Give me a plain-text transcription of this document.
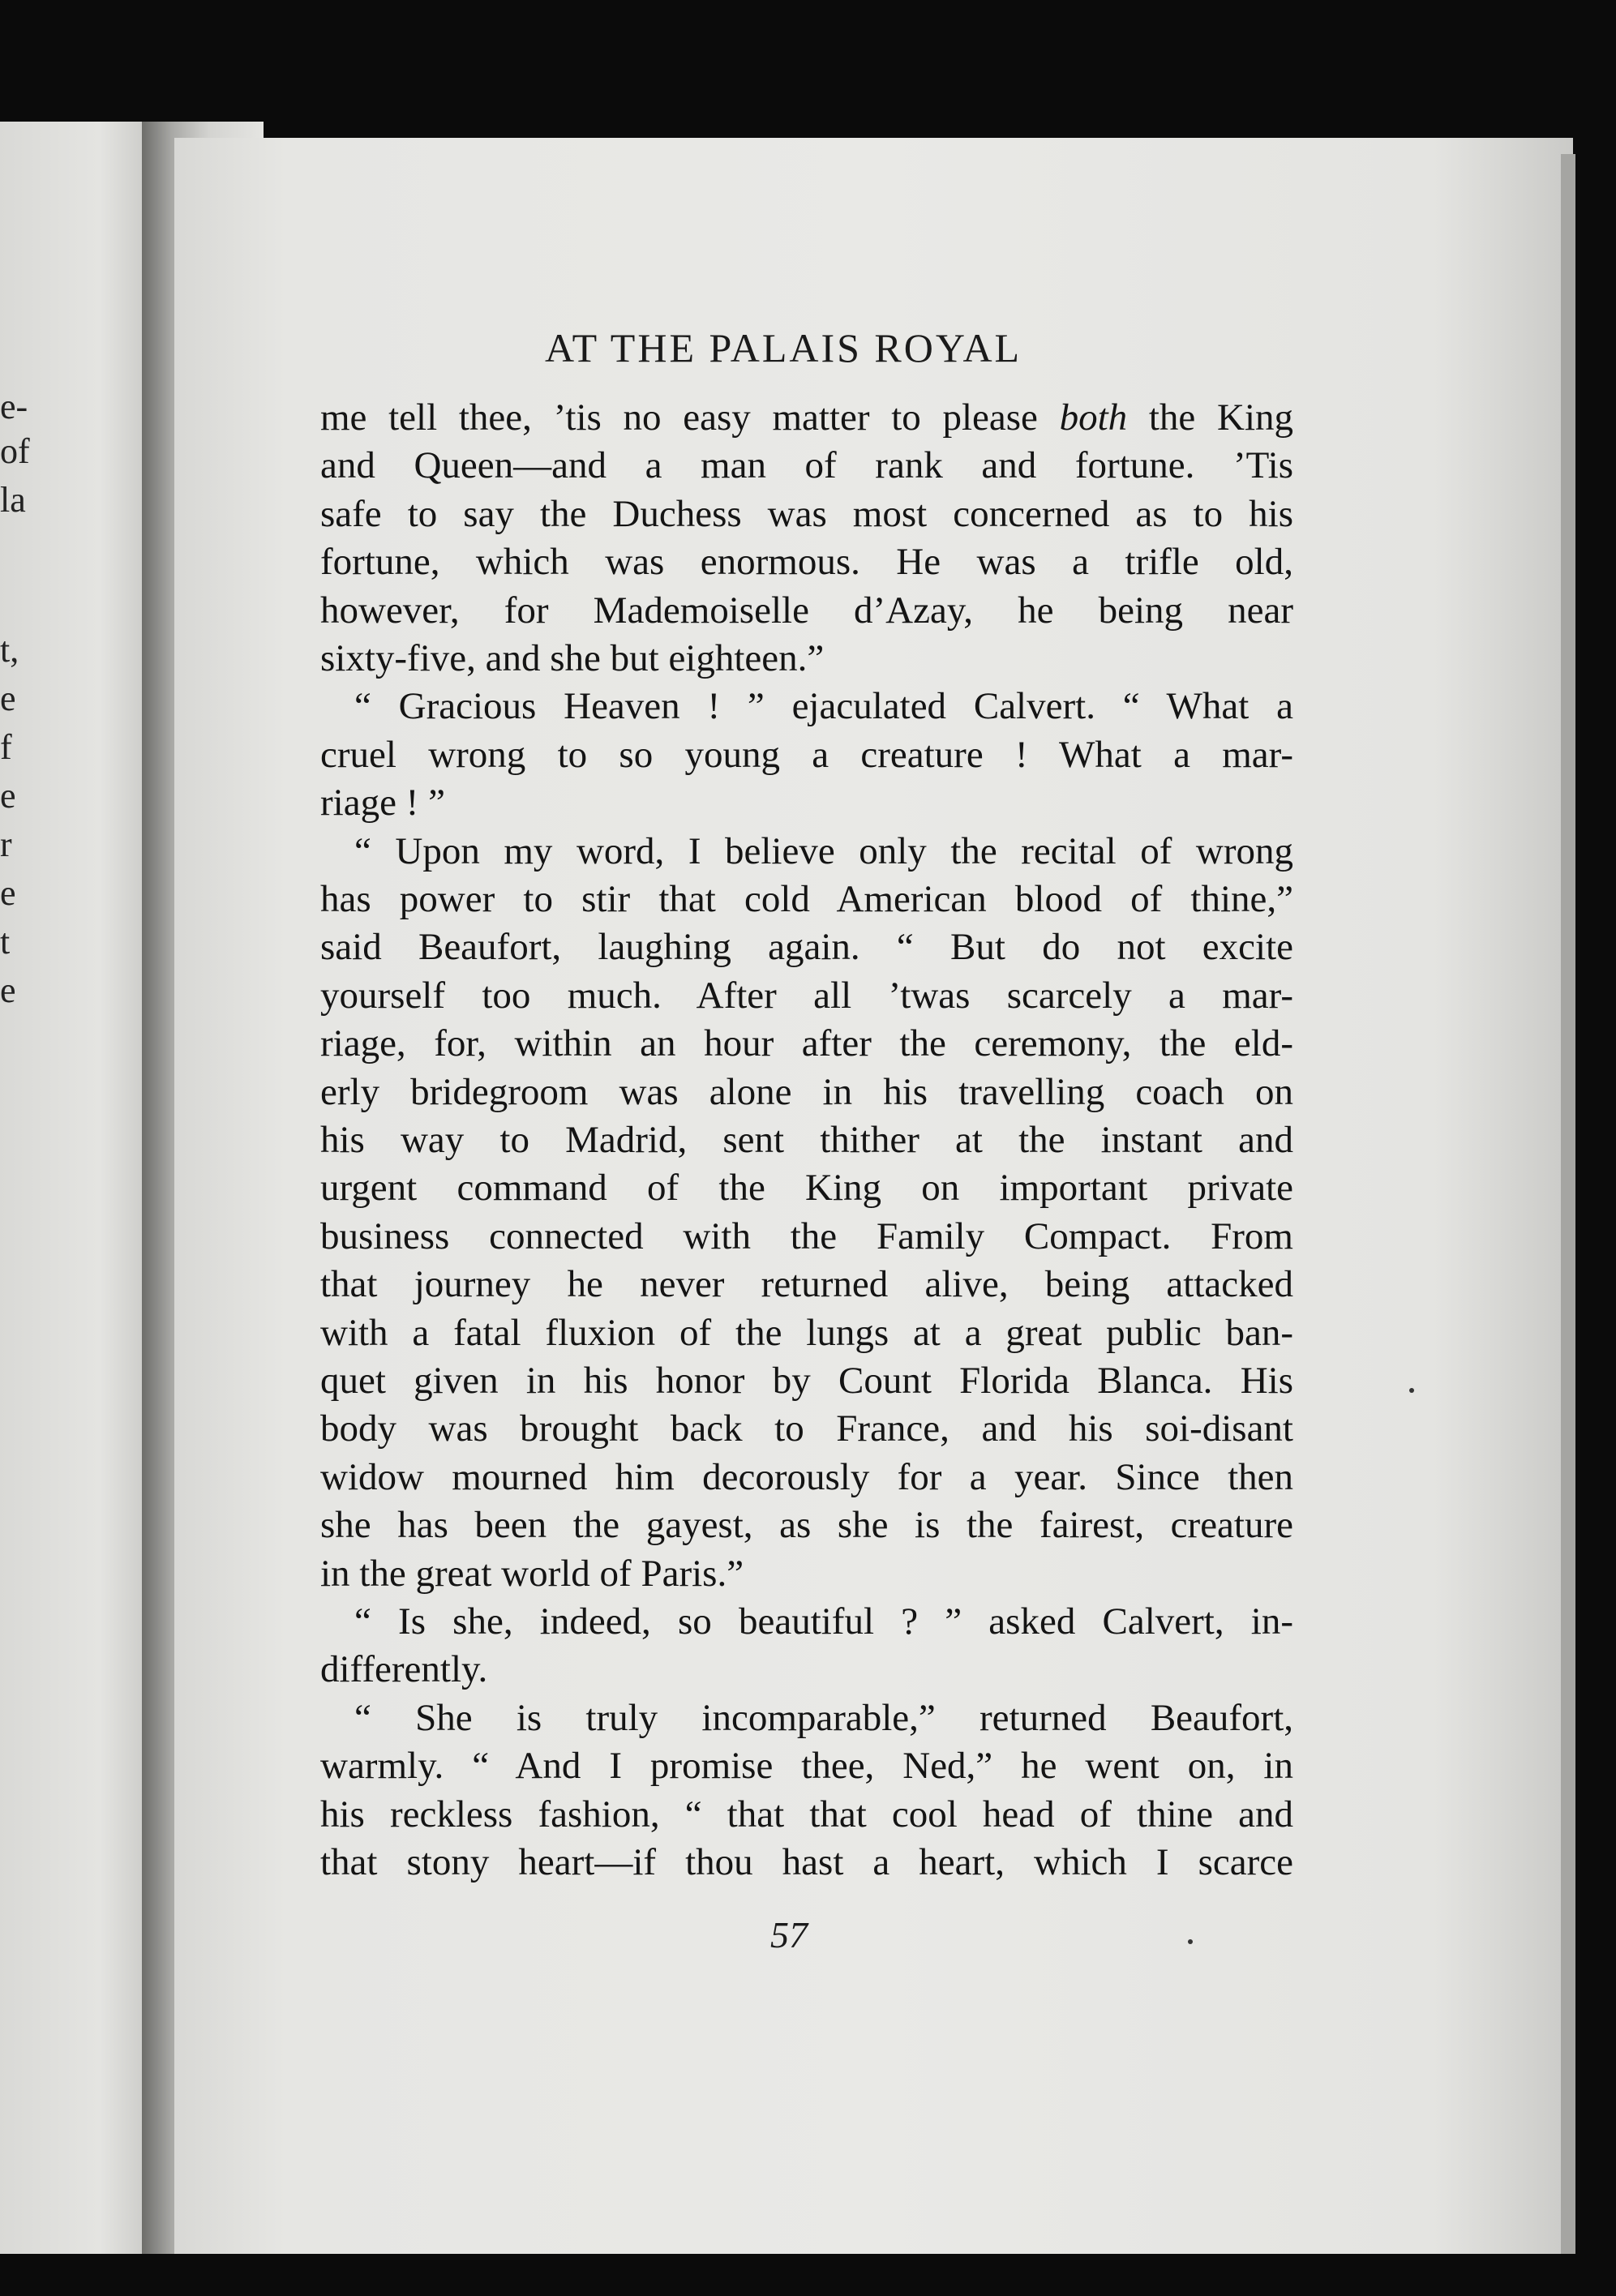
e-
of
la
t,
e
f
e
r
e
t
e
AT THE PALAIS ROYAL
me tell thee, ’tis no easy matter to please both the King
and Queen—and a man of rank and fortune. ’Tis
safe to say the Duchess was most concerned as to his
fortune, which was enormous. He was a trifle old,
however, for Mademoiselle d’Azay, he being near
sixty-five, and she but eighteen.”
“ Gracious Heaven ! ” ejaculated Calvert. “ What a
cruel wrong to so young a creature ! What a mar-
riage ! ”
“ Upon my word, I believe only the recital of wrong
has power to stir that cold American blood of thine,”
said Beaufort, laughing again. “ But do not excite
yourself too much. After all ’twas scarcely a mar-
riage, for, within an hour after the ceremony, the eld-
erly bridegroom was alone in his travelling coach on
his way to Madrid, sent thither at the instant and
urgent command of the King on important private
business connected with the Family Compact. From
that journey he never returned alive, being attacked
with a fatal fluxion of the lungs at a great public ban-
quet given in his honor by Count Florida Blanca. His
body was brought back to France, and his soi-disant
widow mourned him decorously for a year. Since then
she has been the gayest, as she is the fairest, creature
in the great world of Paris.”
“ Is she, indeed, so beautiful ? ” asked Calvert, in-
differently.
“ She is truly incomparable,” returned Beaufort,
warmly. “ And I promise thee, Ned,” he went on, in
his reckless fashion, “ that that cool head of thine and
that stony heart—if thou hast a heart, which I scarce
57
